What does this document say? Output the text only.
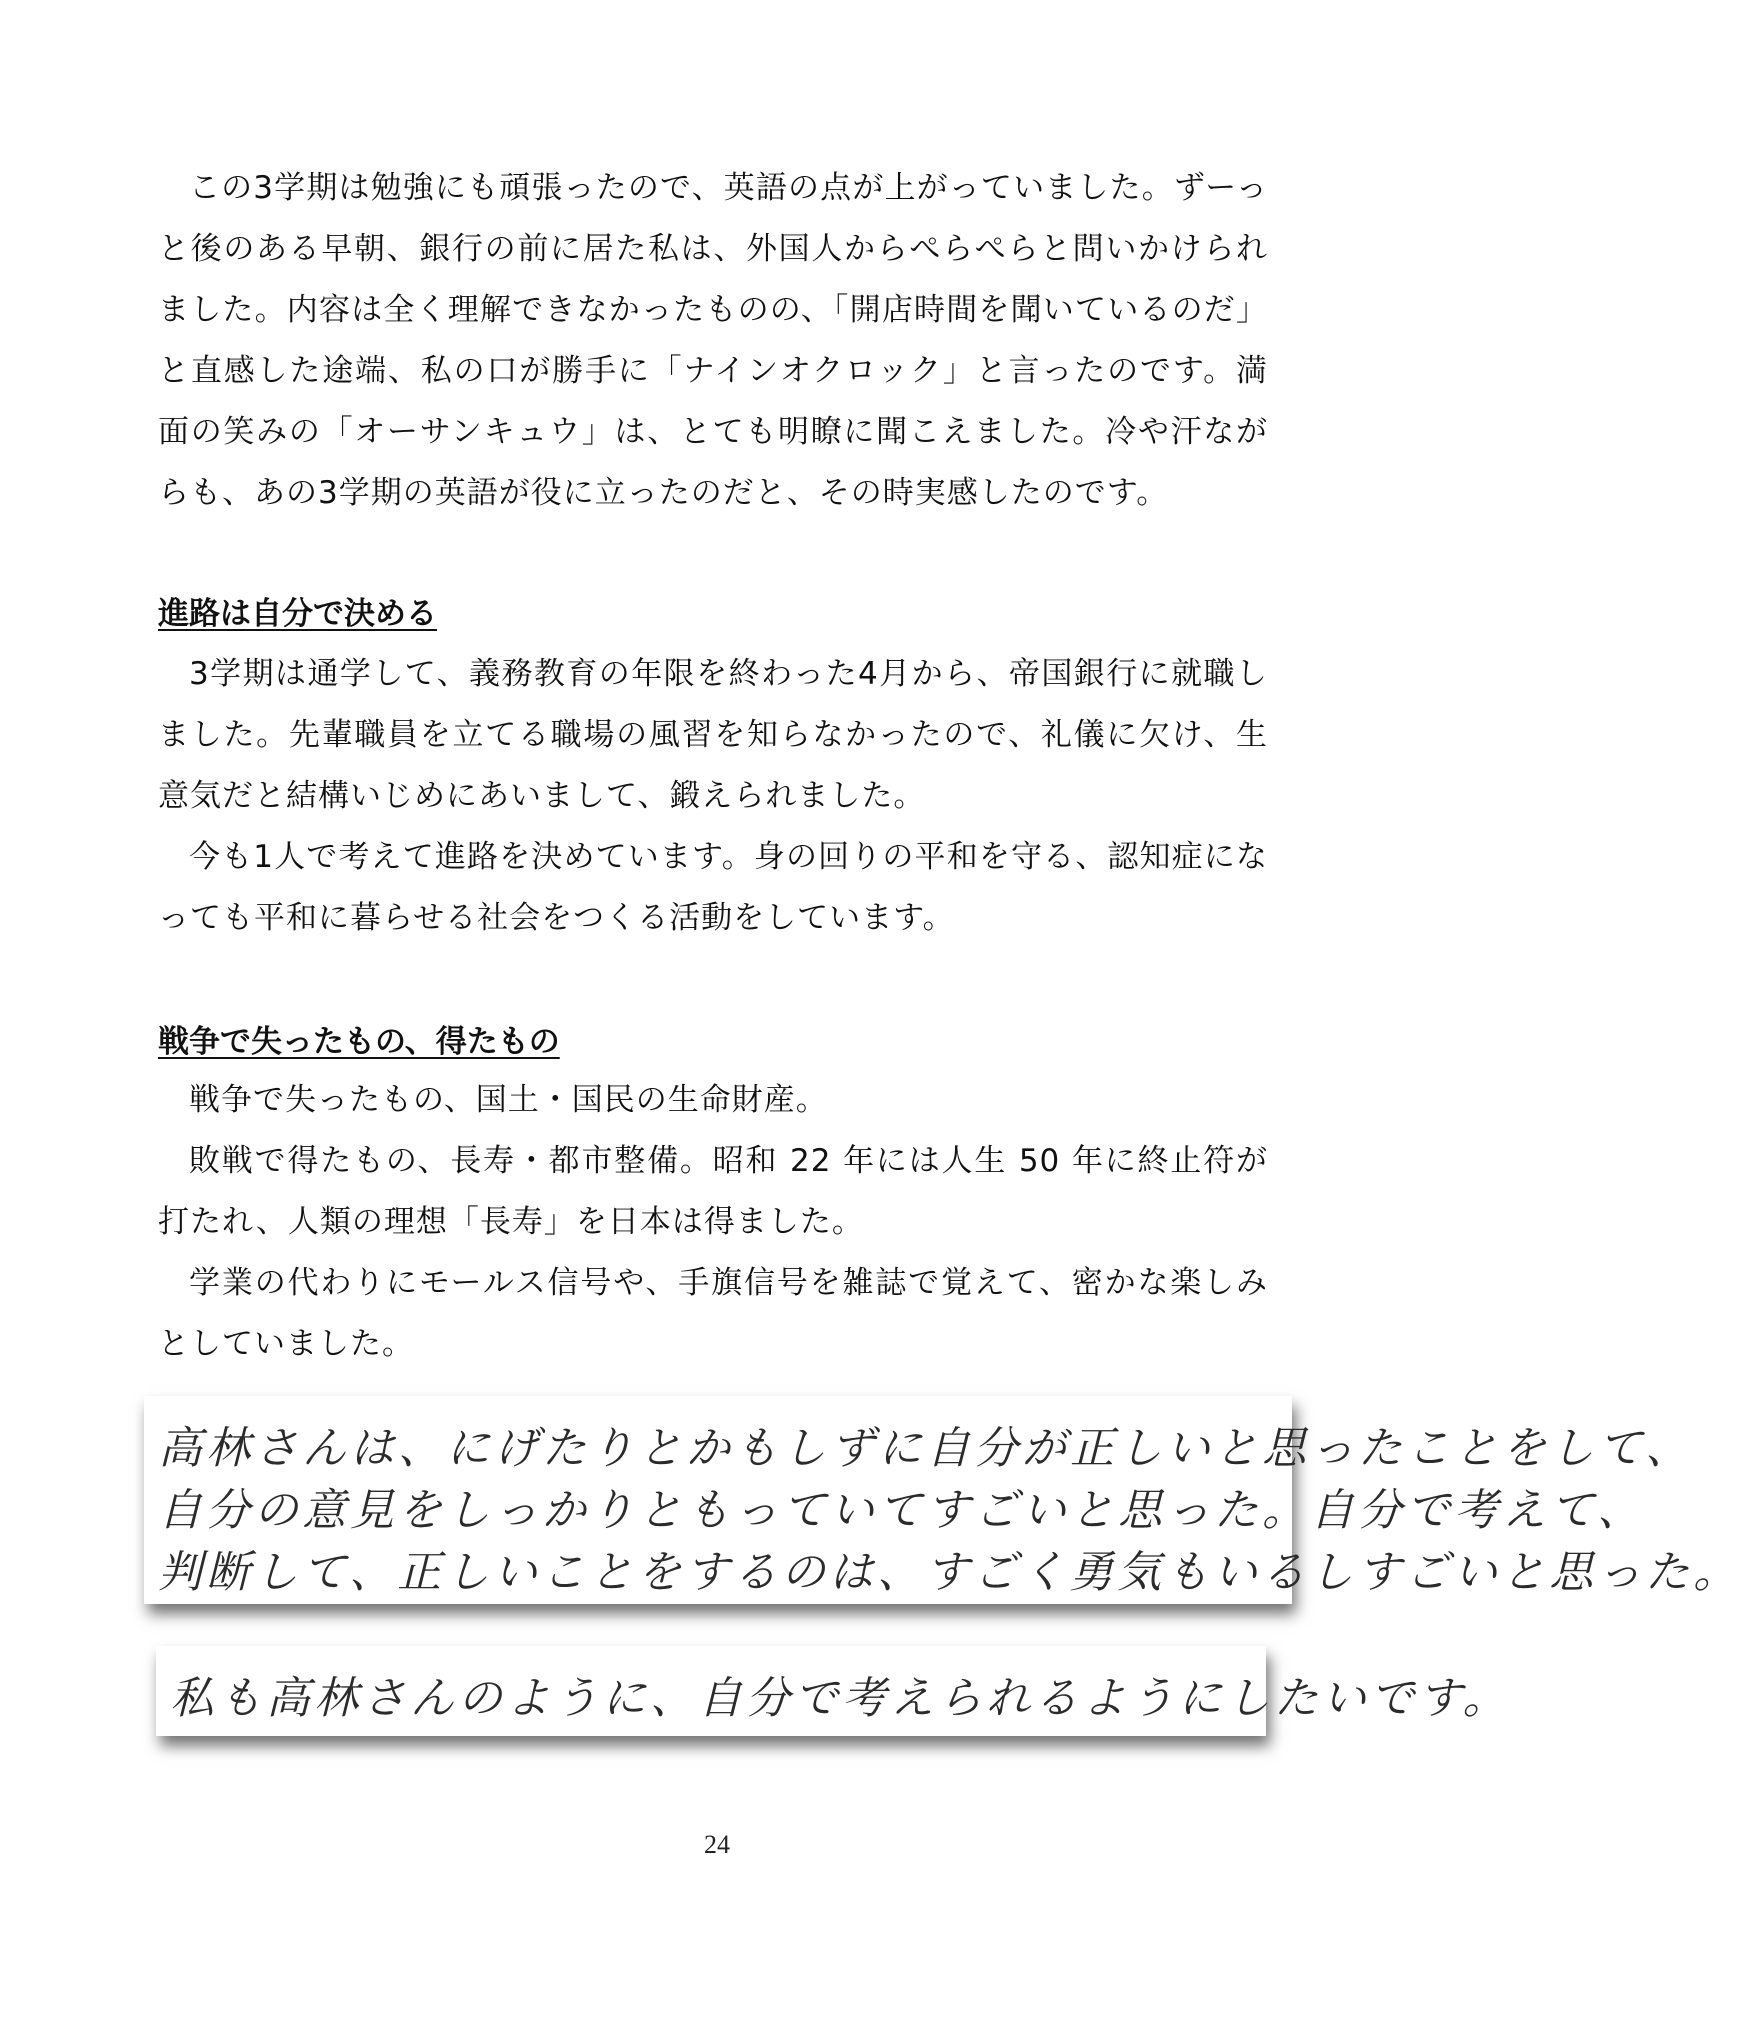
この3学期は勉強にも頑張ったので、英語の点が上がっていました。ずーっと後のある早朝、銀行の前に居た私は、外国人からぺらぺらと問いかけられました。内容は全く理解できなかったものの、「開店時間を聞いているのだ」と直感した途端、私の口が勝手に「ナインオクロック」と言ったのです。満面の笑みの「オーサンキュウ」は、とても明瞭に聞こえました。冷や汗ながらも、あの3学期の英語が役に立ったのだと、その時実感したのです。

進路は自分で決める

3学期は通学して、義務教育の年限を終わった4月から、帝国銀行に就職しました。先輩職員を立てる職場の風習を知らなかったので、礼儀に欠け、生意気だと結構いじめにあいまして、鍛えられました。

今も1人で考えて進路を決めています。身の回りの平和を守る、認知症になっても平和に暮らせる社会をつくる活動をしています。

戦争で失ったもの、得たもの

戦争で失ったもの、国土・国民の生命財産。

敗戦で得たもの、長寿・都市整備。昭和 22 年には人生 50 年に終止符が打たれ、人類の理想「長寿」を日本は得ました。

学業の代わりにモールス信号や、手旗信号を雑誌で覚えて、密かな楽しみとしていました。

高林さんは、にげたりとかもしずに自分が正しいと思ったことをして、
自分の意見をしっかりともっていてすごいと思った。自分で考えて、
判断して、正しいことをするのは、すごく勇気もいるしすごいと思った。
私も高林さんのように、自分で考えられるようにしたいです。
24
